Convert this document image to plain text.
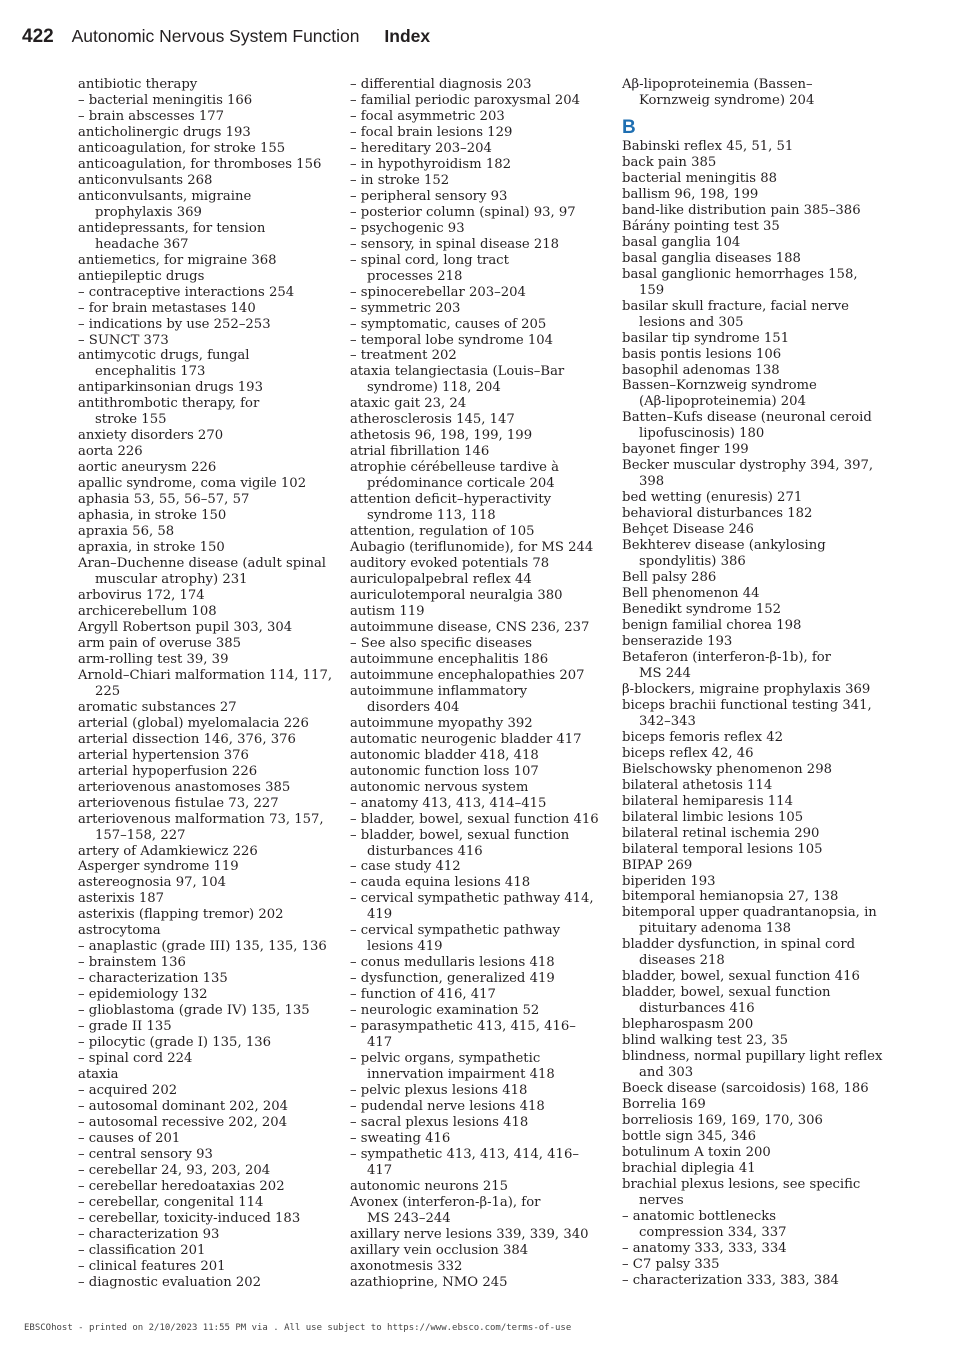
422 Autonomic Nervous System Function Index
antibiotic therapy
– bacterial meningitis 166
– brain abscesses 177
anticholinergic drugs 193
anticoagulation, for stroke 155
anticoagulation, for thromboses 156
anticonvulsants 268
anticonvulsants, migraine
prophylaxis 369
antidepressants, for tension
headache 367
antiemetics, for migraine 368
antiepileptic drugs
– contraceptive interactions 254
– for brain metastases 140
– indications by use 252–253
– SUNCT 373
antimycotic drugs, fungal
encephalitis 173
antiparkinsonian drugs 193
antithrombotic therapy, for
stroke 155
anxiety disorders 270
aorta 226
aortic aneurysm 226
apallic syndrome, coma vigile 102
aphasia 53, 55, 56–57, 57
aphasia, in stroke 150
apraxia 56, 58
apraxia, in stroke 150
Aran–Duchenne disease (adult spinal
muscular atrophy) 231
arbovirus 172, 174
archicerebellum 108
Argyll Robertson pupil 303, 304
arm pain of overuse 385
arm-rolling test 39, 39
Arnold–Chiari malformation 114, 117,
225
aromatic substances 27
arterial (global) myelomalacia 226
arterial dissection 146, 376, 376
arterial hypertension 376
arterial hypoperfusion 226
arteriovenous anastomoses 385
arteriovenous fistulae 73, 227
arteriovenous malformation 73, 157,
157–158, 227
artery of Adamkiewicz 226
Asperger syndrome 119
astereognosia 97, 104
asterixis 187
asterixis (flapping tremor) 202
astrocytoma
– anaplastic (grade III) 135, 135, 136
– brainstem 136
– characterization 135
– epidemiology 132
– glioblastoma (grade IV) 135, 135
– grade II 135
– pilocytic (grade I) 135, 136
– spinal cord 224
ataxia
– acquired 202
– autosomal dominant 202, 204
– autosomal recessive 202, 204
– causes of 201
– central sensory 93
– cerebellar 24, 93, 203, 204
– cerebellar heredoataxias 202
– cerebellar, congenital 114
– cerebellar, toxicity-induced 183
– characterization 93
– classification 201
– clinical features 201
– diagnostic evaluation 202
– differential diagnosis 203
– familial periodic paroxysmal 204
– focal asymmetric 203
– focal brain lesions 129
– hereditary 203–204
– in hypothyroidism 182
– in stroke 152
– peripheral sensory 93
– posterior column (spinal) 93, 97
– psychogenic 93
– sensory, in spinal disease 218
– spinal cord, long tract
processes 218
– spinocerebellar 203–204
– symmetric 203
– symptomatic, causes of 205
– temporal lobe syndrome 104
– treatment 202
ataxia telangiectasia (Louis–Bar
syndrome) 118, 204
ataxic gait 23, 24
atherosclerosis 145, 147
athetosis 96, 198, 199, 199
atrial fibrillation 146
atrophie cérébelleuse tardive à
prédominance corticale 204
attention deficit–hyperactivity
syndrome 113, 118
attention, regulation of 105
Aubagio (teriflunomide), for MS 244
auditory evoked potentials 78
auriculopalpebral reflex 44
auriculotemporal neuralgia 380
autism 119
autoimmune disease, CNS 236, 237
– See also specific diseases
autoimmune encephalitis 186
autoimmune encephalopathies 207
autoimmune inflammatory
disorders 404
autoimmune myopathy 392
automatic neurogenic bladder 417
autonomic bladder 418, 418
autonomic function loss 107
autonomic nervous system
– anatomy 413, 413, 414–415
– bladder, bowel, sexual function 416
– bladder, bowel, sexual function
disturbances 416
– case study 412
– cauda equina lesions 418
– cervical sympathetic pathway 414,
419
– cervical sympathetic pathway
lesions 419
– conus medullaris lesions 418
– dysfunction, generalized 419
– function of 416, 417
– neurologic examination 52
– parasympathetic 413, 415, 416–
417
– pelvic organs, sympathetic
innervation impairment 418
– pelvic plexus lesions 418
– pudendal nerve lesions 418
– sacral plexus lesions 418
– sweating 416
– sympathetic 413, 413, 414, 416–
417
autonomic neurons 215
Avonex (interferon-β-1a), for
MS 243–244
axillary nerve lesions 339, 339, 340
axillary vein occlusion 384
axonotmesis 332
azathioprine, NMO 245
Aβ-lipoproteinemia (Bassen–
Kornzweig syndrome) 204
B
Babinski reflex 45, 51, 51
back pain 385
bacterial meningitis 88
ballism 96, 198, 199
band-like distribution pain 385–386
Bárány pointing test 35
basal ganglia 104
basal ganglia diseases 188
basal ganglionic hemorrhages 158,
159
basilar skull fracture, facial nerve
lesions and 305
basilar tip syndrome 151
basis pontis lesions 106
basophil adenomas 138
Bassen–Kornzweig syndrome
(Aβ-lipoproteinemia) 204
Batten–Kufs disease (neuronal ceroid
lipofuscinosis) 180
bayonet finger 199
Becker muscular dystrophy 394, 397,
398
bed wetting (enuresis) 271
behavioral disturbances 182
Behçet Disease 246
Bekhterev disease (ankylosing
spondylitis) 386
Bell palsy 286
Bell phenomenon 44
Benedikt syndrome 152
benign familial chorea 198
benserazide 193
Betaferon (interferon-β-1b), for
MS 244
β-blockers, migraine prophylaxis 369
biceps brachii functional testing 341,
342–343
biceps femoris reflex 42
biceps reflex 42, 46
Bielschowsky phenomenon 298
bilateral athetosis 114
bilateral hemiparesis 114
bilateral limbic lesions 105
bilateral retinal ischemia 290
bilateral temporal lesions 105
BIPAP 269
biperiden 193
bitemporal hemianopsia 27, 138
bitemporal upper quadrantanopsia, in
pituitary adenoma 138
bladder dysfunction, in spinal cord
diseases 218
bladder, bowel, sexual function 416
bladder, bowel, sexual function
disturbances 416
blepharospasm 200
blind walking test 23, 35
blindness, normal pupillary light reflex
and 303
Boeck disease (sarcoidosis) 168, 186
Borrelia 169
borreliosis 169, 169, 170, 306
bottle sign 345, 346
botulinum A toxin 200
brachial diplegia 41
brachial plexus lesions, see specific
nerves
– anatomic bottlenecks
compression 334, 337
– anatomy 333, 333, 334
– C7 palsy 335
– characterization 333, 383, 384
EBSCOhost - printed on 2/10/2023 11:55 PM via . All use subject to https://www.ebsco.com/terms-of-use
